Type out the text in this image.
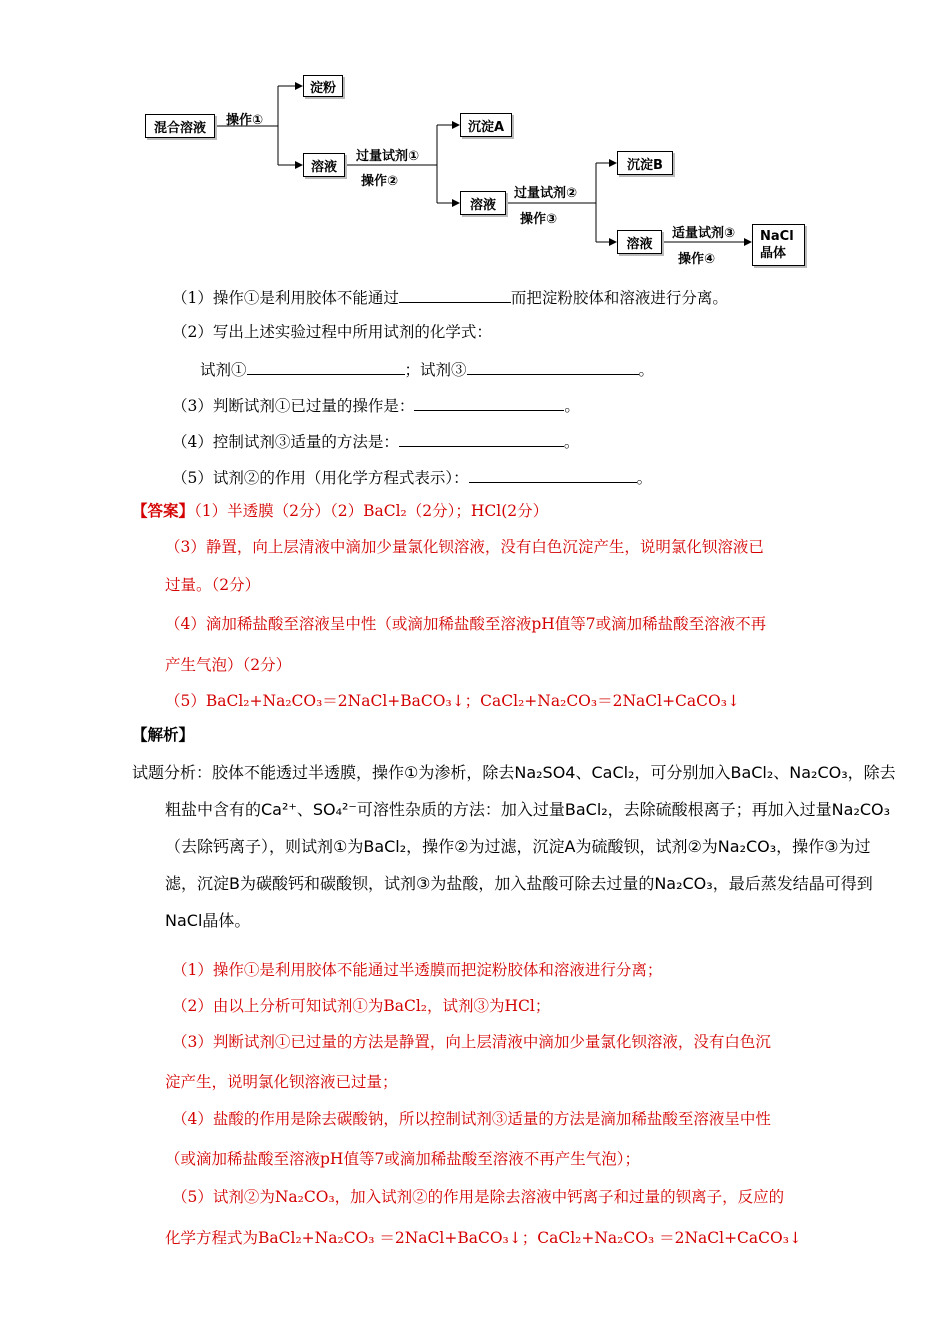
混合溶液
淀粉
溶液
沉淀A
溶液
沉淀B
溶液	NaCl
晶体
操作①
过量试剂①
操作②
过量试剂②
操作③
适量试剂③
操作④
（1）操作①是利用胶体不能通过	而把淀粉胶体和溶液进行分离。
（2）写出上述实验过程中所用试剂的化学式：
试剂①	；试剂③	。
（3）判断试剂①已过量的操作是：	。
（4）控制试剂③适量的方法是：	。
（5）试剂②的作用（用化学方程式表示）：	。
【答案】（1）半透膜（2分）（2）BaCl₂（2分）；HCl(2分）
（3）静置，向上层清液中滴加少量氯化钡溶液，没有白色沉淀产生，说明氯化钡溶液已
过量。（2分）
（4）滴加稀盐酸至溶液呈中性（或滴加稀盐酸至溶液pH值等7或滴加稀盐酸至溶液不再
产生气泡）（2分）
（5）BaCl₂+Na₂CO₃＝2NaCl+BaCO₃↓；CaCl₂+Na₂CO₃＝2NaCl+CaCO₃↓
【解析】
试题分析：胶体不能透过半透膜，操作①为渗析，除去Na₂SO4、CaCl₂，可分别加入BaCl₂、Na₂CO₃，除去
粗盐中含有的Ca²⁺、SO₄²⁻可溶性杂质的方法：加入过量BaCl₂，去除硫酸根离子；再加入过量Na₂CO₃
（去除钙离子），则试剂①为BaCl₂，操作②为过滤，沉淀A为硫酸钡，试剂②为Na₂CO₃，操作③为过
滤，沉淀B为碳酸钙和碳酸钡，试剂③为盐酸，加入盐酸可除去过量的Na₂CO₃，最后蒸发结晶可得到
NaCl晶体。
（1）操作①是利用胶体不能通过半透膜而把淀粉胶体和溶液进行分离；
（2）由以上分析可知试剂①为BaCl₂，试剂③为HCl；
（3）判断试剂①已过量的方法是静置，向上层清液中滴加少量氯化钡溶液，没有白色沉
淀产生，说明氯化钡溶液已过量；
（4）盐酸的作用是除去碳酸钠，所以控制试剂③适量的方法是滴加稀盐酸至溶液呈中性
（或滴加稀盐酸至溶液pH值等7或滴加稀盐酸至溶液不再产生气泡）；
（5）试剂②为Na₂CO₃，加入试剂②的作用是除去溶液中钙离子和过量的钡离子，反应的
化学方程式为BaCl₂+Na₂CO₃ ＝2NaCl+BaCO₃↓；CaCl₂+Na₂CO₃ ＝2NaCl+CaCO₃↓
